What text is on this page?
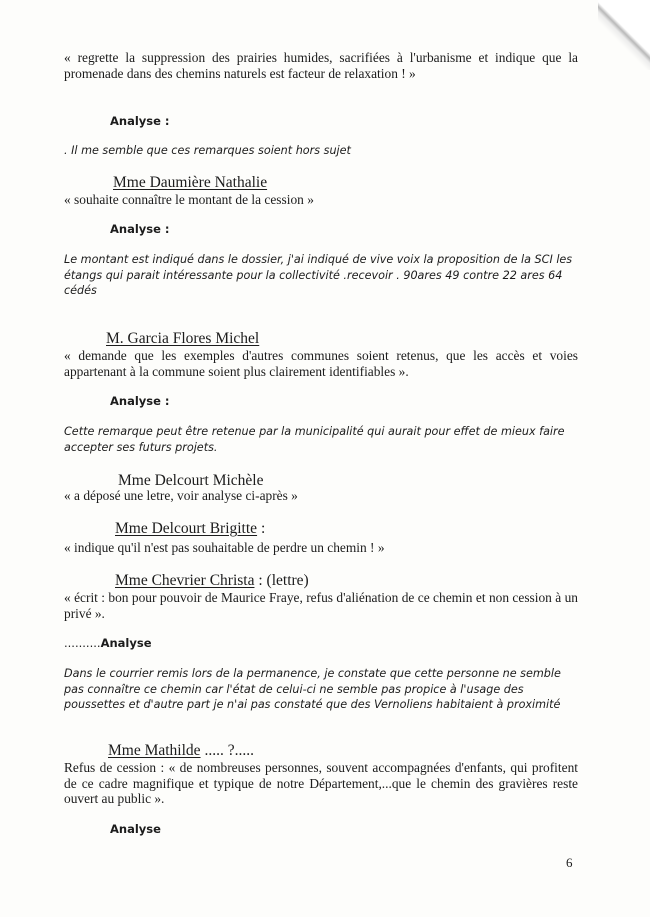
« regrette la suppression des prairies humides, sacrifiées à l'urbanisme et indique que la promenade dans des chemins naturels est facteur de relaxation ! »

Analyse :

. Il me semble que ces remarques soient hors sujet

Mme Daumière Nathalie

« souhaite connaître le montant de la cession »

Analyse :

Le montant est indiqué dans le dossier, j'ai indiqué de vive voix la proposition de la SCI les étangs qui parait intéressante pour la collectivité .recevoir . 90ares 49 contre 22 ares 64 cédés

M. Garcia Flores Michel

« demande que les exemples d'autres communes soient retenus, que les accès et voies appartenant à la commune soient plus clairement identifiables ».

Analyse :

Cette remarque peut être retenue par la municipalité qui aurait pour effet de mieux faire accepter ses futurs projets.

Mme Delcourt Michèle

« a déposé une letre, voir analyse ci-après »

Mme Delcourt Brigitte :

« indique qu'il n'est pas souhaitable de perdre un chemin ! »

Mme Chevrier Christa : (lettre)

« écrit : bon pour pouvoir de Maurice Fraye, refus d'aliénation de ce chemin et non cession à un privé ».

..........Analyse

Dans le courrier remis lors de la permanence, je constate que cette personne ne semble pas connaître ce chemin car l'état de celui-ci ne semble pas propice à l'usage des poussettes et d'autre part je n'ai pas constaté que des Vernoliens habitaient à proximité

Mme Mathilde ..... ?.....

Refus de cession : « de nombreuses personnes, souvent accompagnées d'enfants, qui profitent de ce cadre magnifique et typique de notre Département,...que le chemin des gravières reste ouvert au public ».

Analyse
6
